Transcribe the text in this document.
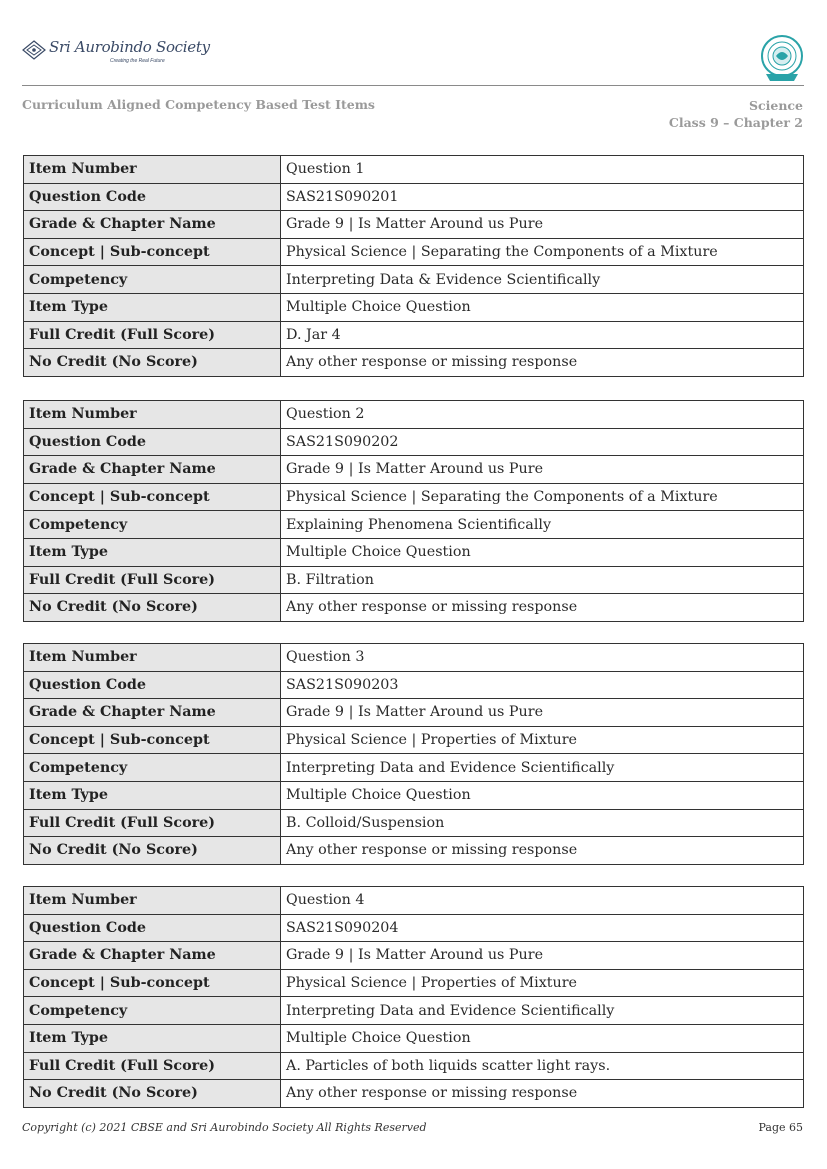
Sri Aurobindo Society
Creating the Real Future
Curriculum Aligned Competency Based Test Items	Science
Class 9 – Chapter 2
Item Number	Question 1
Question Code	SAS21S090201
Grade & Chapter Name	Grade 9 | Is Matter Around us Pure
Concept | Sub-concept	Physical Science | Separating the Components of a Mixture
Competency	Interpreting Data & Evidence Scientifically
Item Type	Multiple Choice Question
Full Credit (Full Score)	D. Jar 4
No Credit (No Score)	Any other response or missing response
Item Number	Question 2
Question Code	SAS21S090202
Grade & Chapter Name	Grade 9 | Is Matter Around us Pure
Concept | Sub-concept	Physical Science | Separating the Components of a Mixture
Competency	Explaining Phenomena Scientifically
Item Type	Multiple Choice Question
Full Credit (Full Score)	B. Filtration
No Credit (No Score)	Any other response or missing response
Item Number	Question 3
Question Code	SAS21S090203
Grade & Chapter Name	Grade 9 | Is Matter Around us Pure
Concept | Sub-concept	Physical Science | Properties of Mixture
Competency	Interpreting Data and Evidence Scientifically
Item Type	Multiple Choice Question
Full Credit (Full Score)	B. Colloid/Suspension
No Credit (No Score)	Any other response or missing response
Item Number	Question 4
Question Code	SAS21S090204
Grade & Chapter Name	Grade 9 | Is Matter Around us Pure
Concept | Sub-concept	Physical Science | Properties of Mixture
Competency	Interpreting Data and Evidence Scientifically
Item Type	Multiple Choice Question
Full Credit (Full Score)	A. Particles of both liquids scatter light rays.
No Credit (No Score)	Any other response or missing response
Copyright (c) 2021 CBSE and Sri Aurobindo Society All Rights Reserved	Page 65
